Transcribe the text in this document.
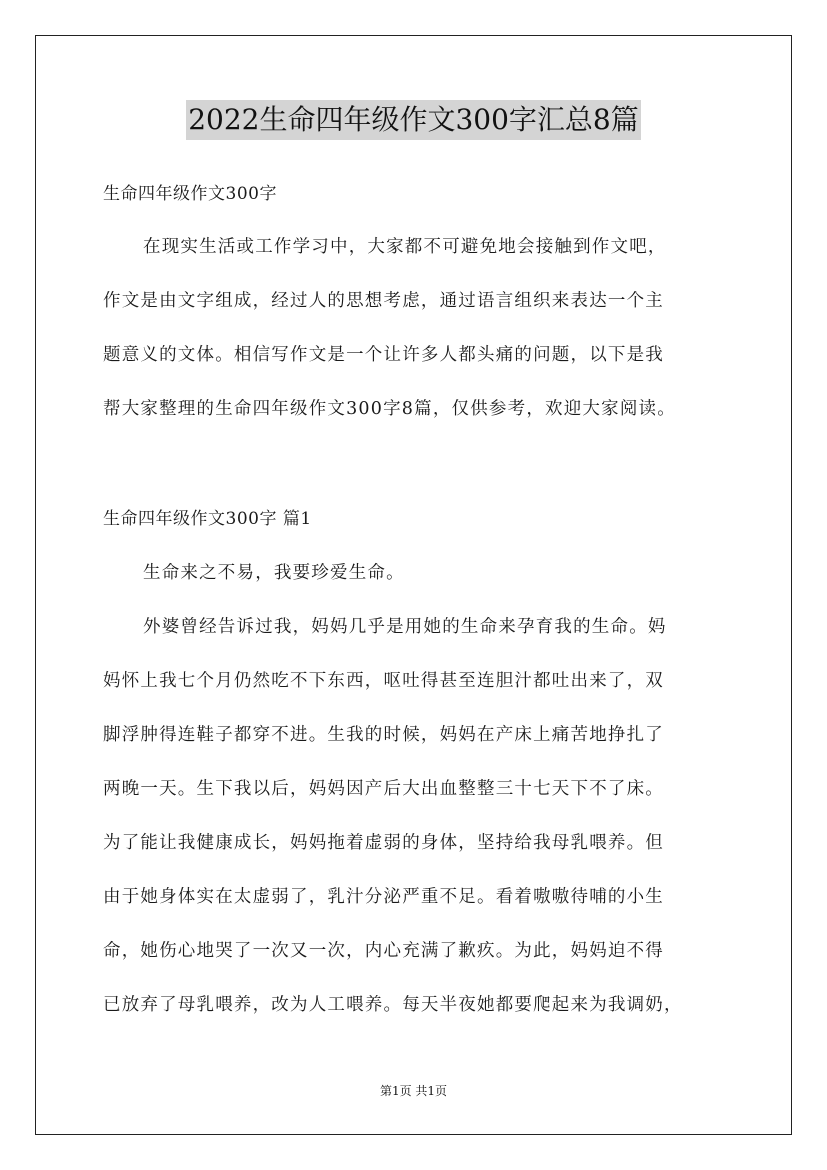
2022生命四年级作文300字汇总8篇
生命四年级作文300字
在现实生活或工作学习中，大家都不可避免地会接触到作文吧，
作文是由文字组成，经过人的思想考虑，通过语言组织来表达一个主
题意义的文体。相信写作文是一个让许多人都头痛的问题，以下是我
帮大家整理的生命四年级作文300字8篇，仅供参考，欢迎大家阅读。
生命四年级作文300字 篇1
生命来之不易，我要珍爱生命。
外婆曾经告诉过我，妈妈几乎是用她的生命来孕育我的生命。妈
妈怀上我七个月仍然吃不下东西，呕吐得甚至连胆汁都吐出来了，双
脚浮肿得连鞋子都穿不进。生我的时候，妈妈在产床上痛苦地挣扎了
两晚一天。生下我以后，妈妈因产后大出血整整三十七天下不了床。
为了能让我健康成长，妈妈拖着虚弱的身体，坚持给我母乳喂养。但
由于她身体实在太虚弱了，乳汁分泌严重不足。看着嗷嗷待哺的小生
命，她伤心地哭了一次又一次，内心充满了歉疚。为此，妈妈迫不得
已放弃了母乳喂养，改为人工喂养。每天半夜她都要爬起来为我调奶，
第1页 共1页
